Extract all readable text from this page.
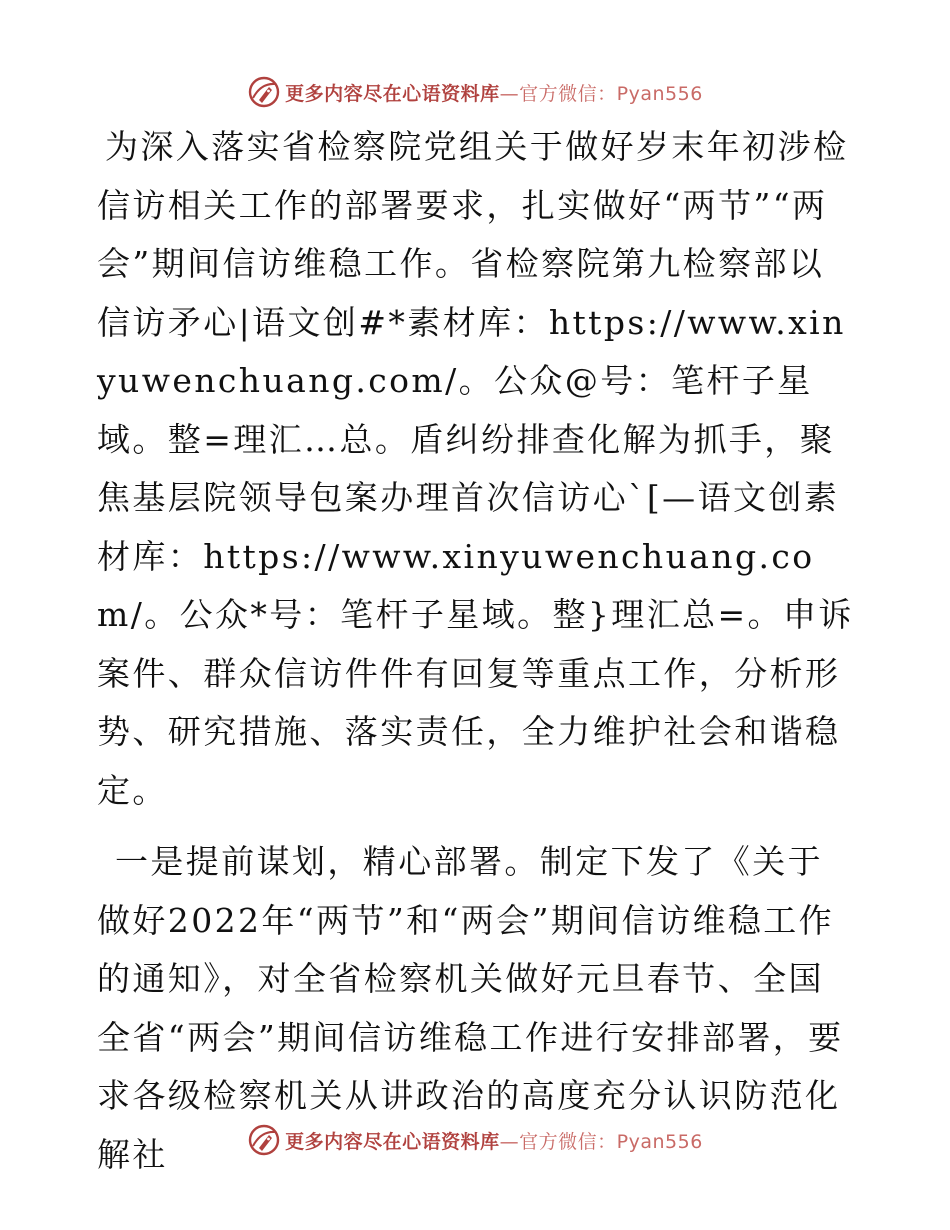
更多内容尽在心语资料库 —官方微信：Pyan556

为深入落实省检察院党组关于做好岁末年初涉检信访相关工作的部署要求，扎实做好“两节”“两会”期间信访维稳工作。省检察院第九检察部以信访矛心|语文创#*素材库：https://www.xinyuwenchuang.com/。公众@号：笔杆子星域。整=理汇…总。盾纠纷排查化解为抓手，聚焦基层院领导包案办理首次信访心`[—语文创素材库：https://www.xinyuwenchuang.com/。公众*号：笔杆子星域。整}理汇总=。申诉案件、群众信访件件有回复等重点工作，分析形势、研究措施、落实责任，全力维护社会和谐稳定。

一是提前谋划，精心部署。制定下发了《关于做好2022年“两节”和“两会”期间信访维稳工作的通知》，对全省检察机关做好元旦春节、全国全省“两会”期间信访维稳工作进行安排部署，要求各级检察机关从讲政治的高度充分认识防范化解社	更多内容尽在心语资料库 —官方微信：Pyan556
